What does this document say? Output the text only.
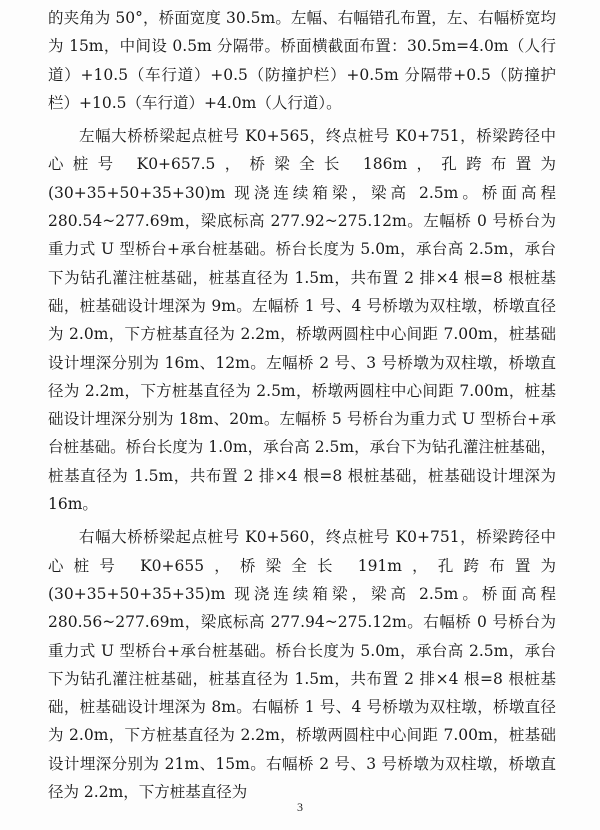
的夹角为 50°，桥面宽度 30.5m。左幅、右幅错孔布置，左、右幅桥宽均为 15m，中间设 0.5m 分隔带。桥面横截面布置：30.5m=4.0m（人行道）+10.5（车行道）+0.5（防撞护栏）+0.5m 分隔带+0.5（防撞护栏）+10.5（车行道）+4.0m（人行道）。

左幅大桥桥梁起点桩号 K0+565，终点桩号 K0+751，桥梁跨径中心桩号 K0+657.5，桥梁全长 186m，孔跨布置为(30+35+50+35+30)m 现浇连续箱梁，梁高 2.5m。桥面高程 280.54~277.69m，梁底标高 277.92~275.12m。左幅桥 0 号桥台为重力式 U 型桥台+承台桩基础。桥台长度为 5.0m，承台高 2.5m，承台下为钻孔灌注桩基础，桩基直径为 1.5m，共布置 2 排×4 根=8 根桩基础，桩基础设计埋深为 9m。左幅桥 1 号、4 号桥墩为双柱墩，桥墩直径为 2.0m，下方桩基直径为 2.2m，桥墩两圆柱中心间距 7.00m，桩基础设计埋深分别为 16m、12m。左幅桥 2 号、3 号桥墩为双柱墩，桥墩直径为 2.2m，下方桩基直径为 2.5m，桥墩两圆柱中心间距 7.00m，桩基础设计埋深分别为 18m、20m。左幅桥 5 号桥台为重力式 U 型桥台+承台桩基础。桥台长度为 1.0m，承台高 2.5m，承台下为钻孔灌注桩基础，桩基直径为 1.5m，共布置 2 排×4 根=8 根桩基础，桩基础设计埋深为 16m。

右幅大桥桥梁起点桩号 K0+560，终点桩号 K0+751，桥梁跨径中心桩号 K0+655，桥梁全长 191m，孔跨布置为(30+35+50+35+35)m 现浇连续箱梁，梁高 2.5m。桥面高程 280.56~277.69m，梁底标高 277.94~275.12m。右幅桥 0 号桥台为重力式 U 型桥台+承台桩基础。桥台长度为 5.0m，承台高 2.5m，承台下为钻孔灌注桩基础，桩基直径为 1.5m，共布置 2 排×4 根=8 根桩基础，桩基础设计埋深为 8m。右幅桥 1 号、4 号桥墩为双柱墩，桥墩直径为 2.0m，下方桩基直径为 2.2m，桥墩两圆柱中心间距 7.00m，桩基础设计埋深分别为 21m、15m。右幅桥 2 号、3 号桥墩为双柱墩，桥墩直径为 2.2m，下方桩基直径为

3
